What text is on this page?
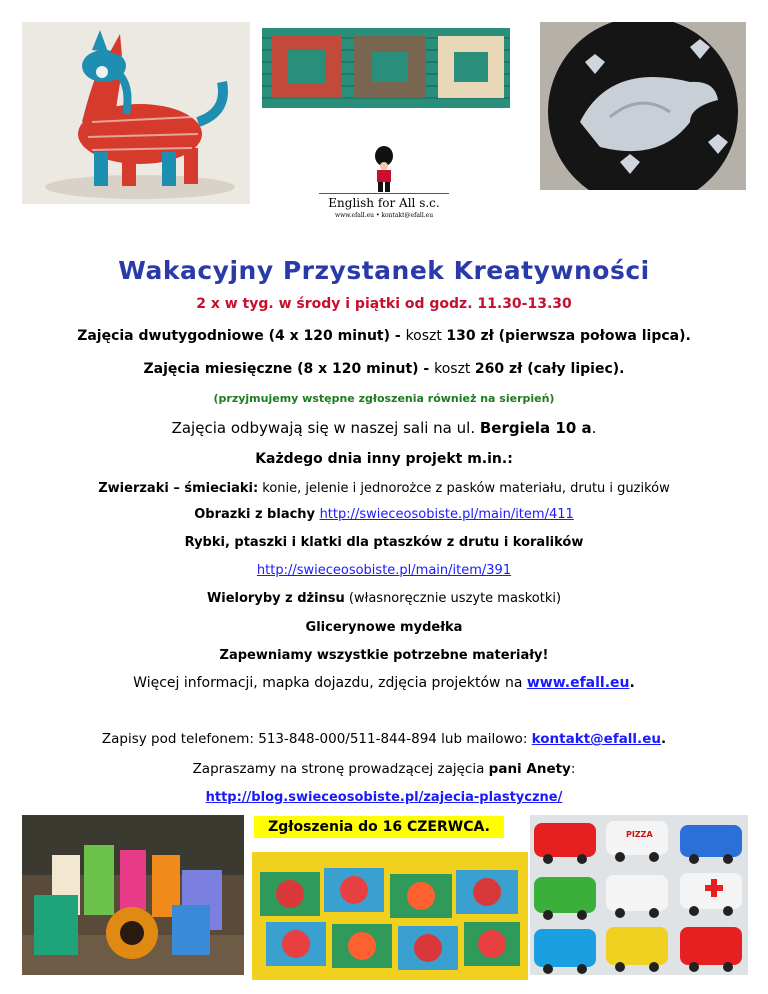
English for All s.c.
www.efall.eu • kontakt@efall.eu
Wakacyjny Przystanek Kreatywności
2 x w tyg. w środy i piątki od godz. 11.30-13.30
Zajęcia dwutygodniowe (4 x 120 minut) - koszt 130 zł (pierwsza połowa lipca).
Zajęcia miesięczne (8 x 120 minut) - koszt 260 zł (cały lipiec).
(przyjmujemy wstępne zgłoszenia również na sierpień)
Zajęcia odbywają się w naszej sali na ul. Bergiela 10 a.
Każdego dnia inny projekt m.in.:
Zwierzaki – śmieciaki: konie, jelenie i jednorożce z pasków materiału, drutu i guzików
Obrazki z blachy http://swieceosobiste.pl/main/item/411
Rybki, ptaszki i klatki dla ptaszków z drutu i koralików
http://swieceosobiste.pl/main/item/391
Wieloryby z dżinsu (własnoręcznie uszyte maskotki)
Glicerynowe mydełka
Zapewniamy wszystkie potrzebne materiały!
Więcej informacji, mapka dojazdu, zdjęcia projektów na www.efall.eu.
Zapisy pod telefonem: 513-848-000/511-844-894 lub mailowo: kontakt@efall.eu.
Zapraszamy na stronę prowadzącej zajęcia pani Anety:
http://blog.swieceosobiste.pl/zajecia-plastyczne/
Zgłoszenia do 16 CZERWCA.	PIZZA
